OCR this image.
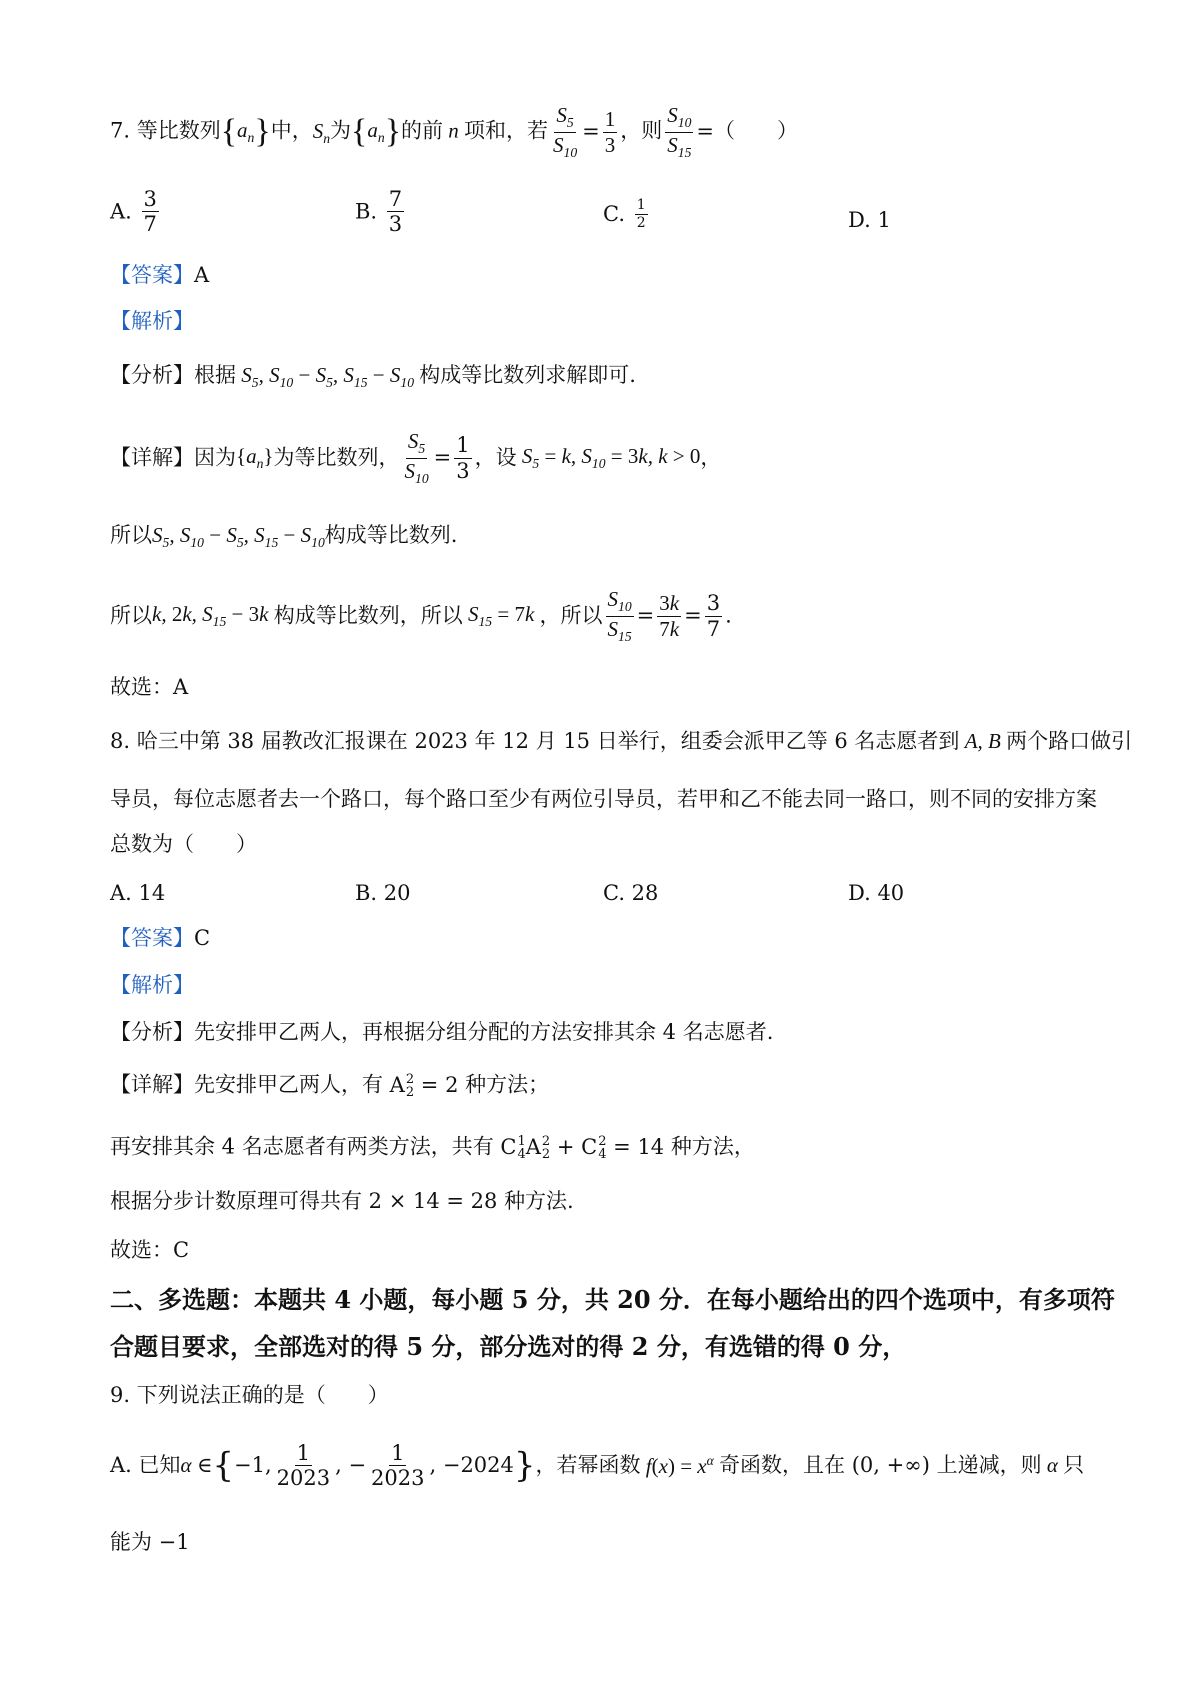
7. 等比数列$\{a_n\}$中，$S_n$为$\{a_n\}$的前 n 项和，若 $\frac{S_5}{S_{10}} = \frac{1}{3}$ ，则 $\frac{S_{10}}{S_{15}}$ =（　　）
A. $\frac{3}{7}$	B. $\frac{7}{3}$	C. $\frac{1}{2}$	D. 1
【答案】A
【解析】
【分析】根据 $S_5$, $S_{10} - S_5$, $S_{15} - S_{10}$ 构成等比数列求解即可.
【详解】因为$\{a_n\}$为等比数列， $\frac{S_5}{S_{10}} = \frac{1}{3}$ ，设 $S_5 = k$, $S_{10} = 3k$, k > 0，
所以$S_5$, $S_{10} - S_5$, $S_{15} - S_{10}$构成等比数列.
所以k, 2k, $S_{15} - 3k$ 构成等比数列，所以 $S_{15} = 7k$ ，所以 $\frac{S_{10}}{S_{15}} = \frac{3k}{7k} = \frac{3}{7}$ .
故选：A
8. 哈三中第 38 届教改汇报课在 2023 年 12 月 15 日举行，组委会派甲乙等 6 名志愿者到 A, B 两个路口做引
导员，每位志愿者去一个路口，每个路口至少有两位引导员，若甲和乙不能去同一路口，则不同的安排方案
总数为（　　）
A. 14	B. 20	C. 28	D. 40
【答案】C
【解析】
【分析】先安排甲乙两人，再根据分组分配的方法安排其余 4 名志愿者.
【详解】先安排甲乙两人，有 A 2
2 = 2 种方法；
再安排其余 4 名志愿者有两类方法，共有 C 1
4 A 2
2 + C 2
4 = 14 种方法，
根据分步计数原理可得共有 2 × 14 = 28 种方法.
故选：C
二、多选题：本题共 4 小题，每小题 5 分，共 20 分．在每小题给出的四个选项中，有多项符
合题目要求，全部选对的得 5 分，部分选对的得 2 分，有选错的得 0 分，
9. 下列说法正确的是（　　）
A. 已知α ∈{−1, $\frac{1}{2023}$ , − $\frac{1}{2023}$ , −2024}，若幂函数 $f(x) = x^\alpha$ 奇函数，且在 (0, +∞) 上递减，则 α 只
能为 −1
